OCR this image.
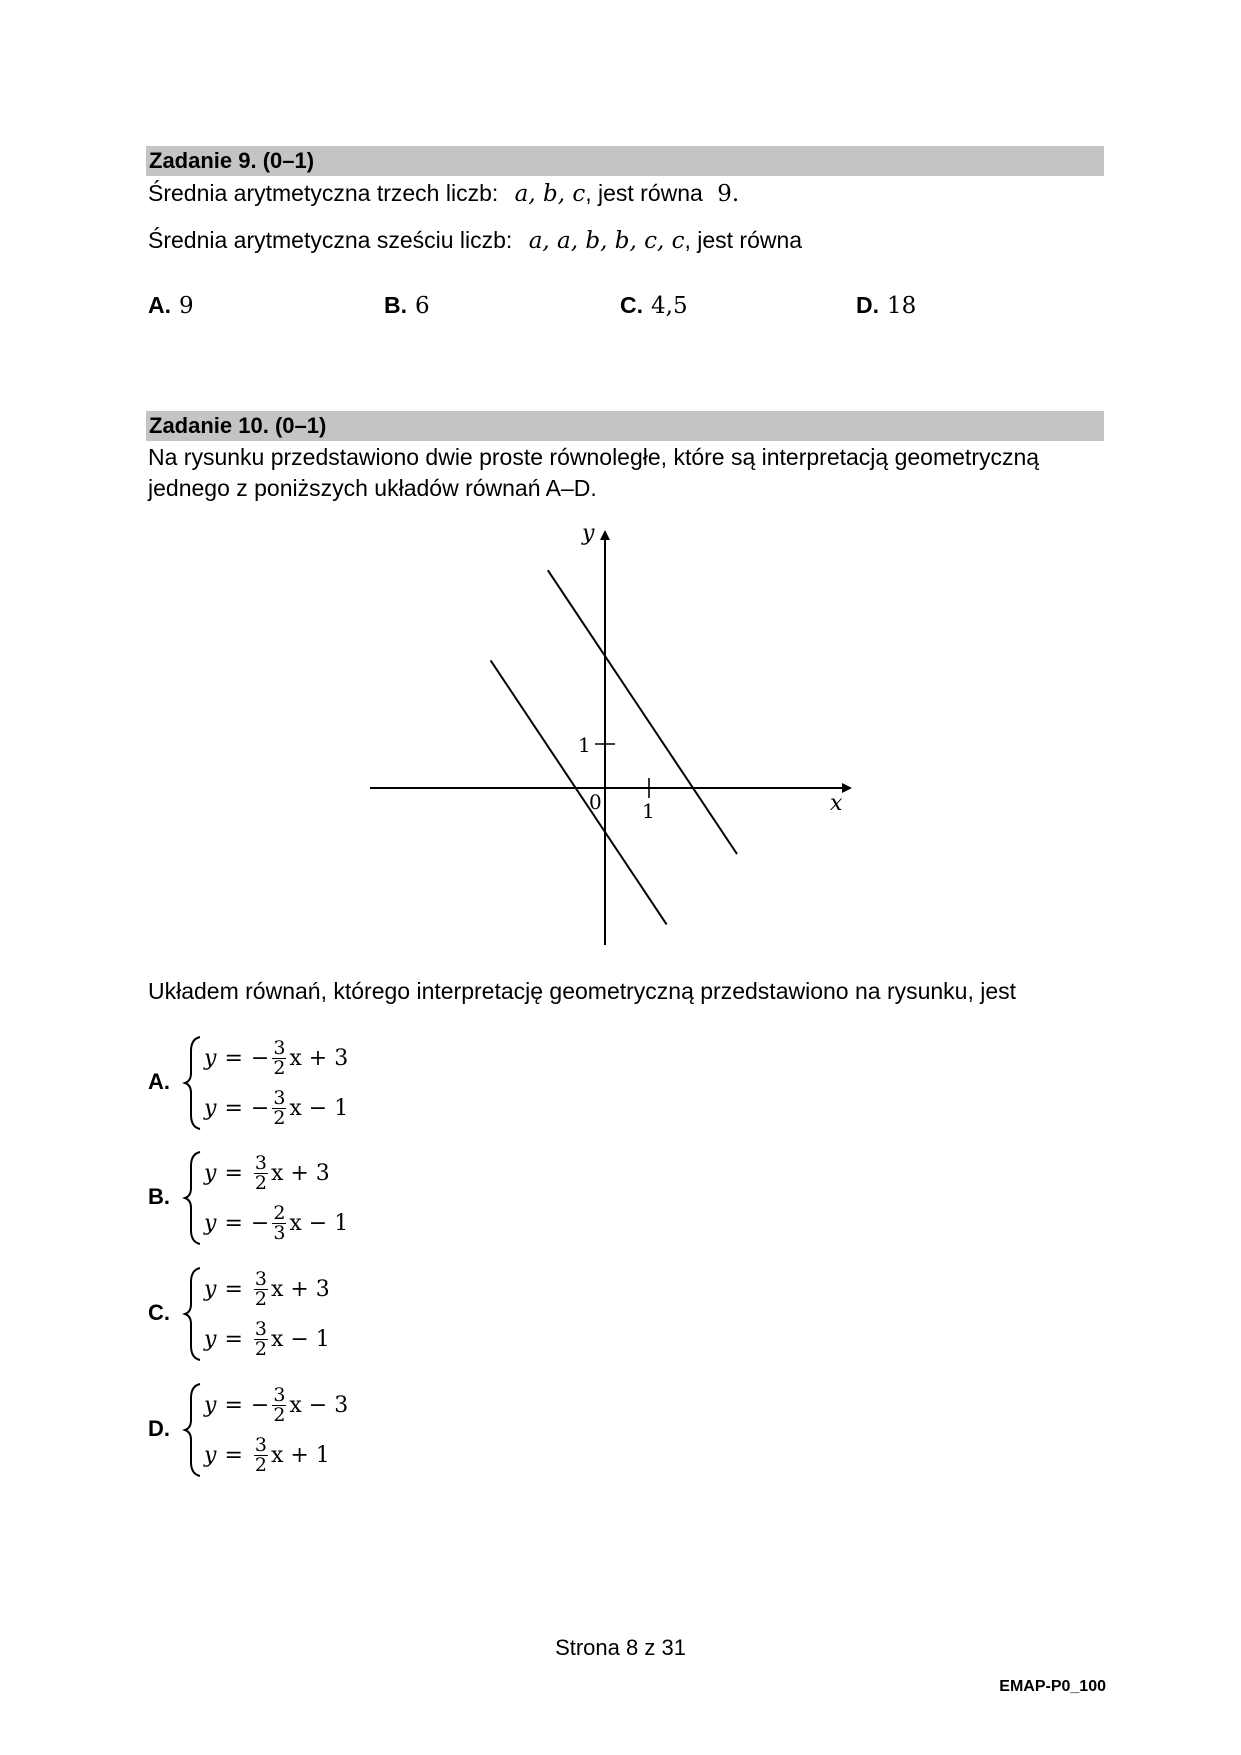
Zadanie 9. (0–1)
Średnia arytmetyczna trzech liczb: a, b, c, jest równa 9.
Średnia arytmetyczna sześciu liczb: a, a, b, b, c, c, jest równa
A. 9	B. 6	C. 4,5	D. 18
Zadanie 10. (0–1)
Na rysunku przedstawiono dwie proste równoległe, które są interpretacją geometryczną
jednego z poniższych układów równań A–D.
y
x
0 1
1
Układem równań, którego interpretację geometryczną przedstawiono na rysunku, jest
A.
y = − $\frac{3}{2}$ x + 3
y = − $\frac{3}{2}$ x − 1
B.
$y = \frac{3}{2}$ x + 3
y = − $\frac{2}{3}$ x − 1
C.
$y = \frac{3}{2}$ x + 3
$y = \frac{3}{2}$ x − 1
D.
y = − $\frac{3}{2}$ x − 3
$y = \frac{3}{2}$ x + 1
Strona 8 z 31
EMAP-P0_100
